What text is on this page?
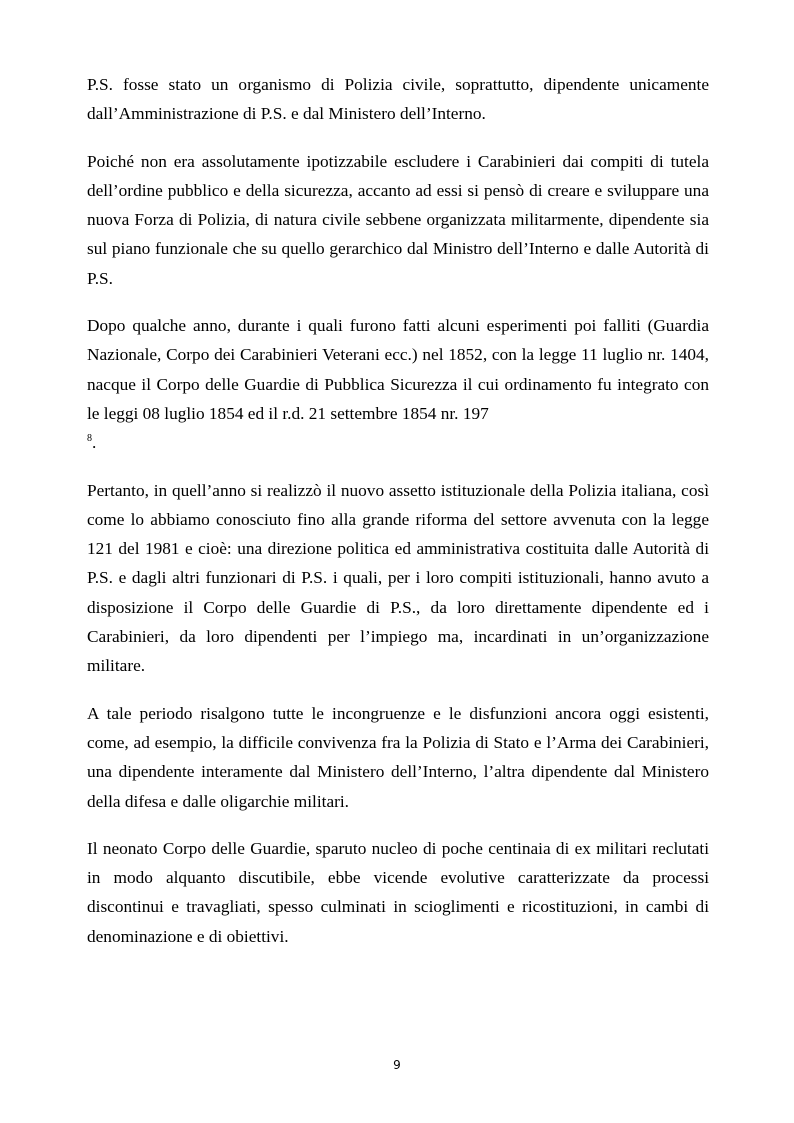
P.S. fosse stato un organismo di Polizia civile, soprattutto, dipendente unicamente dall’Amministrazione di P.S. e dal Ministero dell’Interno.

Poiché non era assolutamente ipotizzabile escludere i Carabinieri dai compiti di tutela dell’ordine pubblico e della sicurezza, accanto ad essi si pensò di creare e sviluppare una nuova Forza di Polizia, di natura civile sebbene organizzata militarmente, dipendente sia sul piano funzionale che su quello gerarchico dal Ministro dell’Interno e dalle Autorità di P.S.

Dopo qualche anno, durante i quali furono fatti alcuni esperimenti poi falliti (Guardia Nazionale, Corpo dei Carabinieri Veterani ecc.) nel 1852, con la legge 11 luglio nr. 1404, nacque il Corpo delle Guardie di Pubblica Sicurezza il cui ordinamento fu integrato con le leggi 08 luglio 1854 ed il r.d. 21 settembre 1854 nr. 197
$^8$.

Pertanto, in quell’anno si realizzò il nuovo assetto istituzionale della Polizia italiana, così come lo abbiamo conosciuto fino alla grande riforma del settore avvenuta con la legge 121 del 1981 e cioè: una direzione politica ed amministrativa costituita dalle Autorità di P.S. e dagli altri funzionari di P.S. i quali, per i loro compiti istituzionali, hanno avuto a disposizione il Corpo delle Guardie di P.S., da loro direttamente dipendente ed i Carabinieri, da loro dipendenti per l’impiego ma, incardinati in un’organizzazione militare.

A tale periodo risalgono tutte le incongruenze e le disfunzioni ancora oggi esistenti, come, ad esempio, la difficile convivenza fra la Polizia di Stato e l’Arma dei Carabinieri, una dipendente interamente dal Ministero dell’Interno, l’altra dipendente dal Ministero della difesa e dalle oligarchie militari.

Il neonato Corpo delle Guardie, sparuto nucleo di poche centinaia di ex militari reclutati in modo alquanto discutibile, ebbe vicende evolutive caratterizzate da processi discontinui e travagliati, spesso culminati in scioglimenti e ricostituzioni, in cambi di denominazione e di obiettivi.

9
